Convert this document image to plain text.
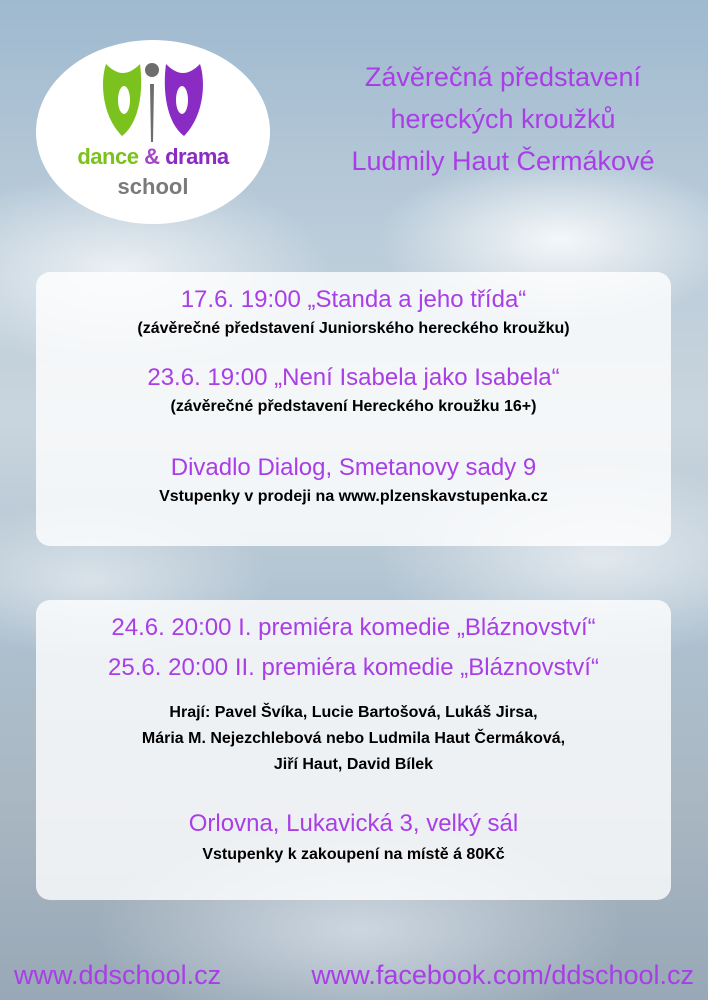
dance & drama
school
Závěrečná představení
hereckých kroužků
Ludmily Haut Čermákové
17.6. 19:00 „Standa a jeho třída“
(závěrečné představení Juniorského hereckého kroužku)
23.6. 19:00 „Není Isabela jako Isabela“
(závěrečné představení Hereckého kroužku 16+)
Divadlo Dialog, Smetanovy sady 9
Vstupenky v prodeji na www.plzenskavstupenka.cz
24.6. 20:00 I. premiéra komedie „Bláznovství“
25.6. 20:00 II. premiéra komedie „Bláznovství“
Hrají: Pavel Švíka, Lucie Bartošová, Lukáš Jirsa,
Mária M. Nejezchlebová nebo Ludmila Haut Čermáková,
Jiří Haut, David Bílek
Orlovna, Lukavická 3, velký sál
Vstupenky k zakoupení na místě á 80Kč
www.ddschool.cz	www.facebook.com/ddschool.cz
